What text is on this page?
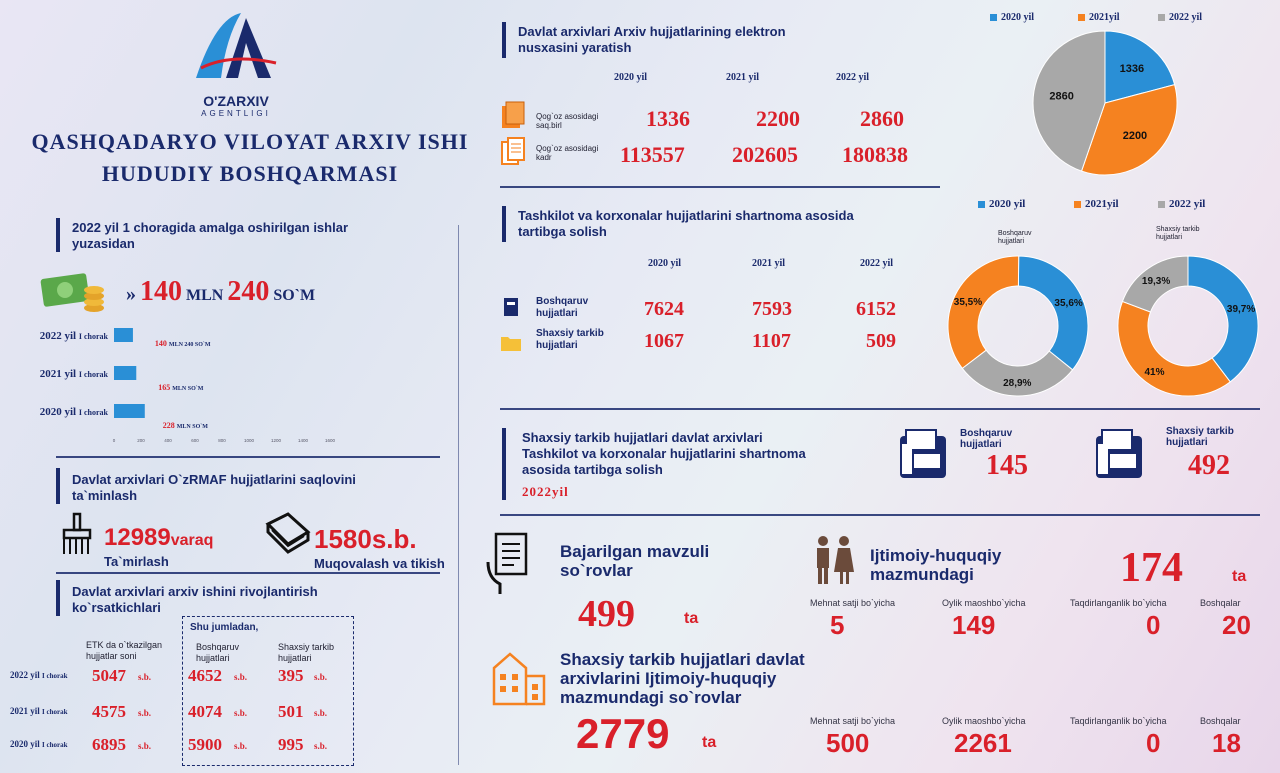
O'ZARXIV
AGENTLIGI
QASHQADARYO VILOYAT ARXIV ISHI
HUDUDIY BOSHQARMASI
2022 yil 1 choragida amalga oshirilgan ishlar yuzasidan
» 140 MLN 240 SO`M
0	200	400	600	800	1000	1200	1400	1600
2022 yil I chorak
140 MLN 240 SO`M
2021 yil I chorak
165 MLN SO`M
2020 yil I chorak
228 MLN SO`M
Davlat arxivlari O`zRMAF hujjatlarini saqlovini ta`minlash
12989varaq
Ta`mirlash
1580s.b.
Muqovalash va tikish
Davlat arxivlari arxiv ishini rivojlantirish ko`rsatkichlari
ETK da o`tkazilgan hujjatlar soni
Shu jumladan,
Boshqaruv hujjatlari
Shaxsiy tarkib hujjatlari
2022 yil I chorak 5047 s.b. 4652 s.b. 395 s.b.
2021 yil I chorak 4575 s.b. 4074 s.b. 501 s.b.
2020 yil I chorak 6895 s.b. 5900 s.b. 995 s.b.
Davlat arxivlari Arxiv hujjatlarining elektron nusxasini yaratish
2020 yil	2021 yil	2022 yil
Qog`oz asosidagi saq.birl	1336	2200	2860
Qog`oz asosidagi kadr	113557 202605 180838
2020 yil	2021yil	2022 yil
1336
2200
2860
Tashkilot va korxonalar hujjatlarini shartnoma asosida tartibga solish
2020 yil	2021 yil	2022 yil
Boshqaruv hujjatlari	7624	7593	6152
Shaxsiy tarkib hujjatlari	1067	1107	509
2020 yil	2021yil	2022 yil
Boshqaruv hujjatlari
Shaxsiy tarkib hujjatlari
35,6%
28,9%
35,5%
39,7%
41%
19,3%
Shaxsiy tarkib hujjatlari davlat arxivlari Tashkilot va korxonalar hujjatlarini shartnoma asosida tartibga solish
2022yil
Boshqaruv hujjatlari
145
Shaxsiy tarkib hujjatlari
492
Bajarilgan mavzuli so`rovlar
499	ta
Ijtimoiy-huquqiy mazmundagi	174	ta
Mehnat satji bo`yicha	Oylik maoshbo`yicha	Taqdirlanganlik bo`yicha	Boshqalar
5	149	0 20
Shaxsiy tarkib hujjatlari davlat arxivlarini Ijtimoiy-huquqiy mazmundagi so`rovlar
2779 ta
Mehnat satji bo`yicha	Oylik maoshbo`yicha	Taqdirlanganlik bo`yicha	Boshqalar
500	2261	0 18
